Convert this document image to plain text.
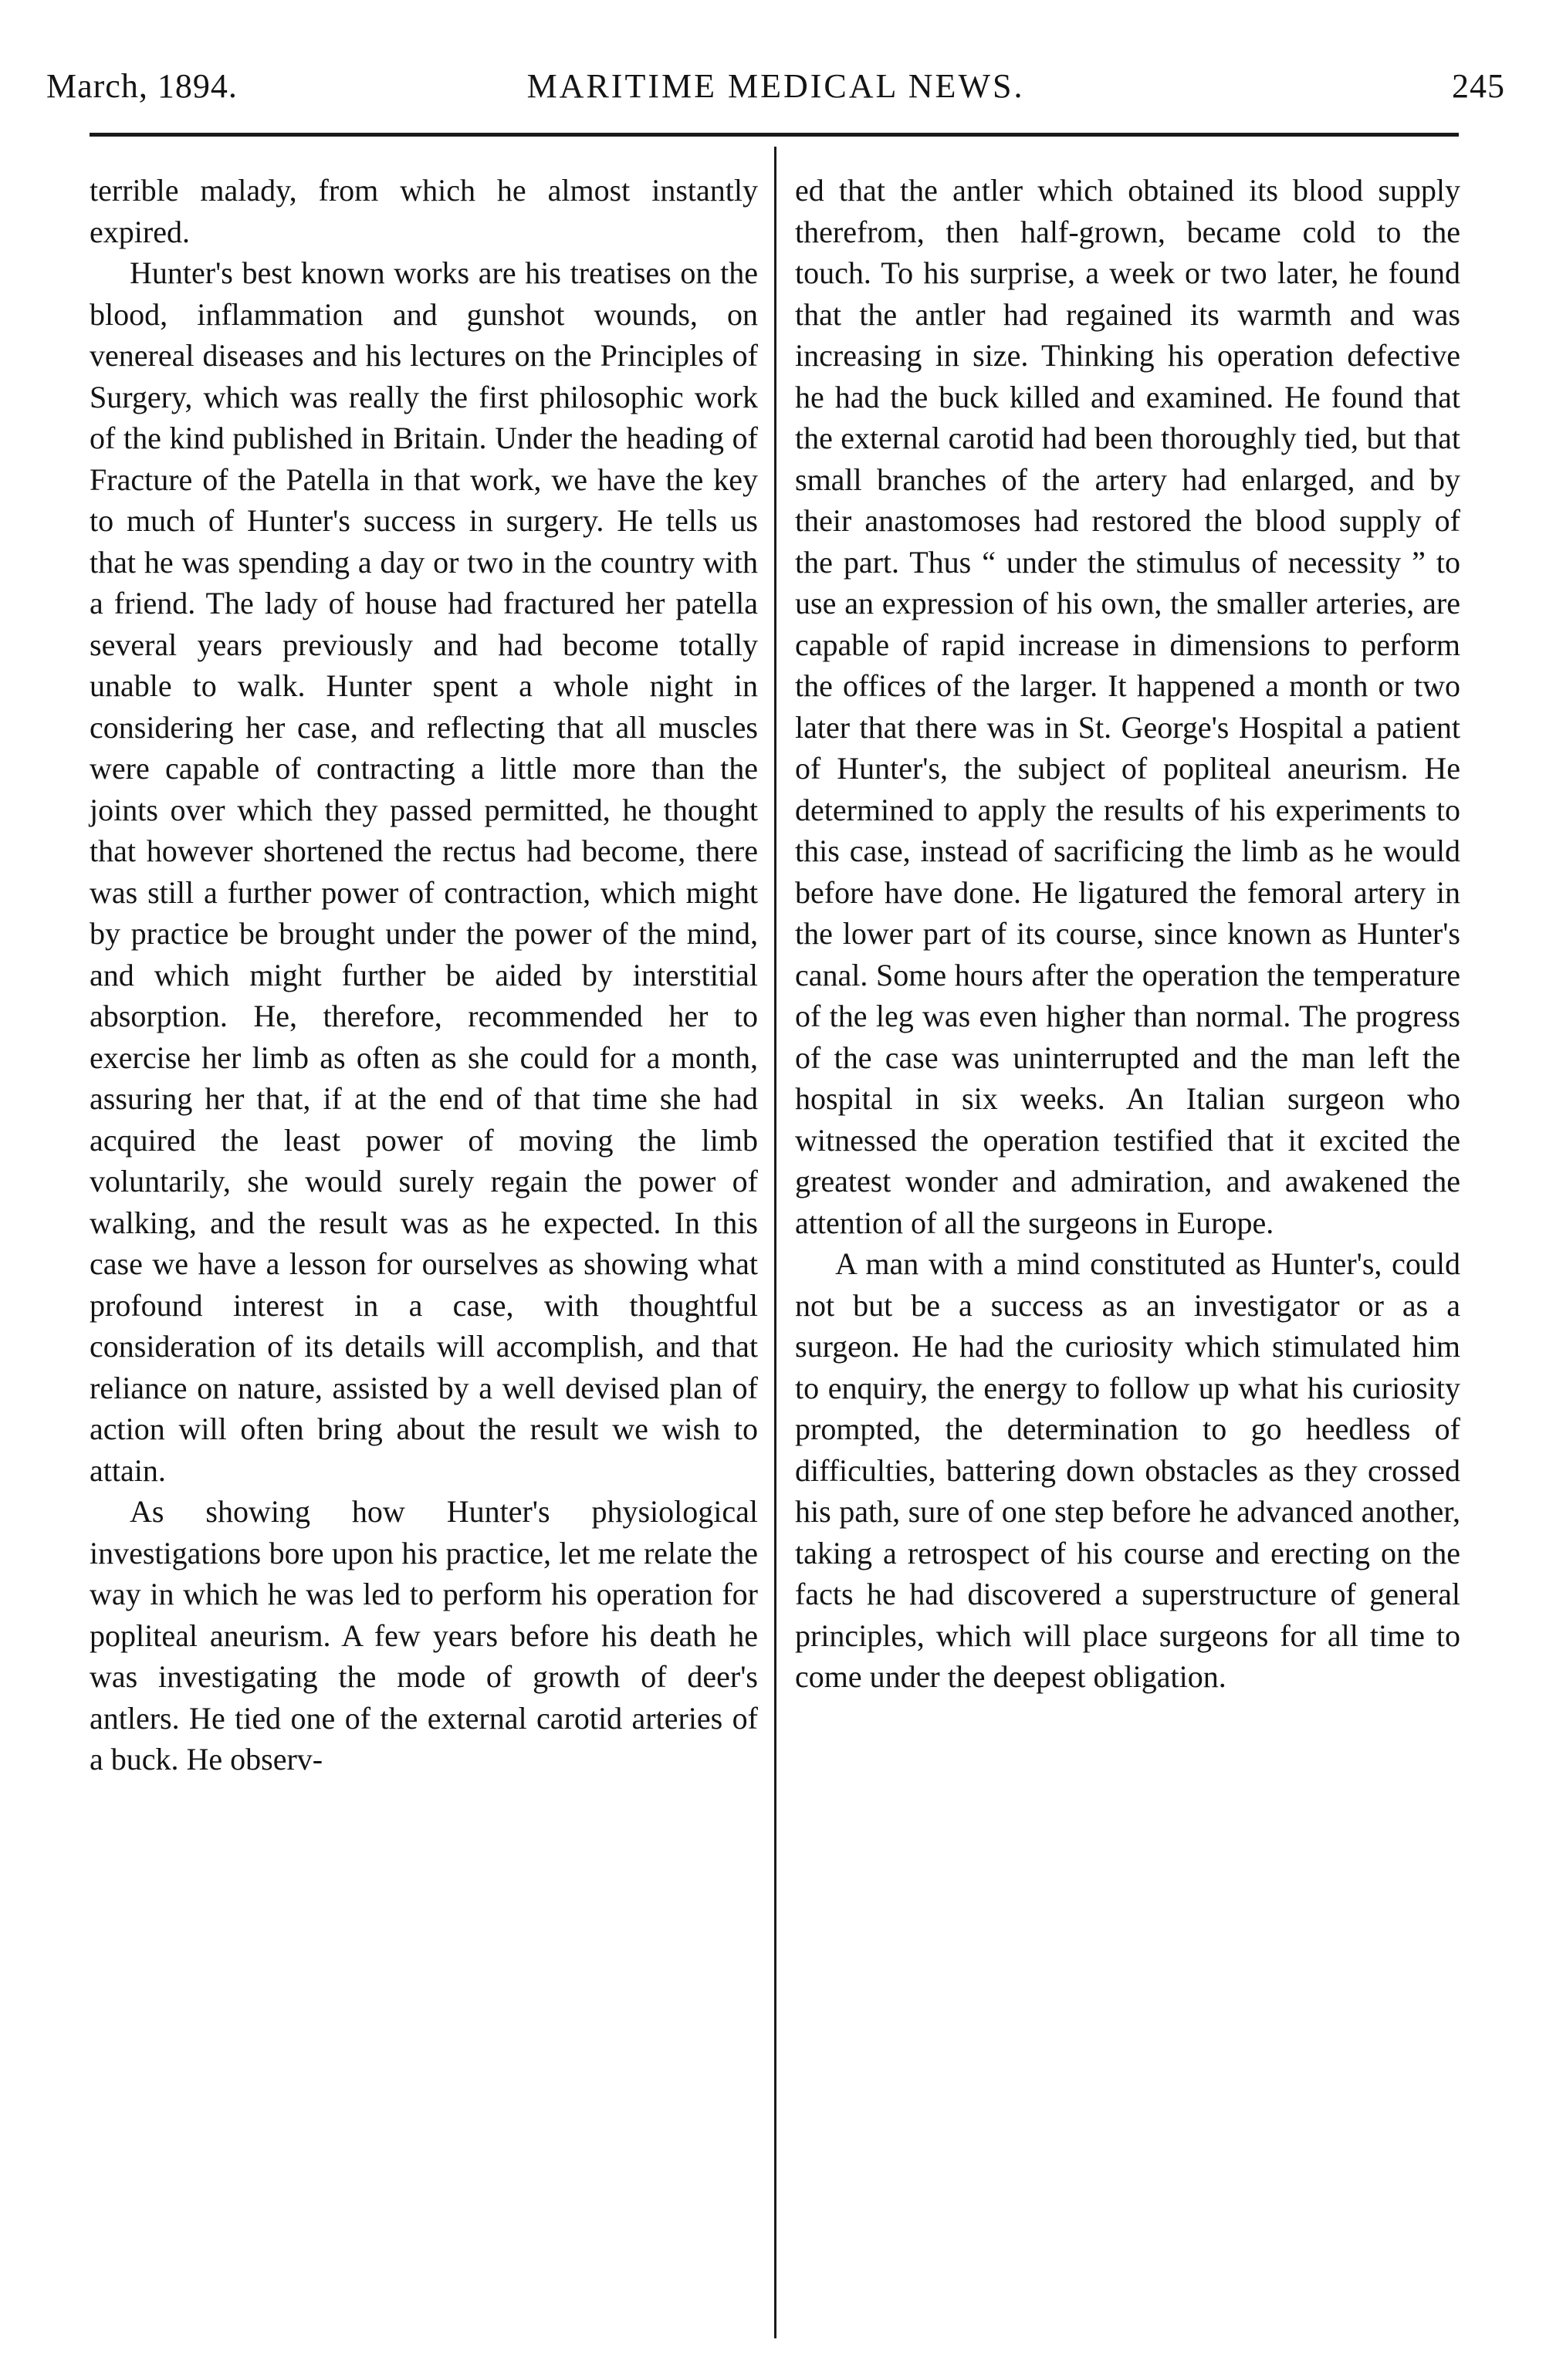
March, 1894.	MARITIME MEDICAL NEWS.	245

terrible malady, from which he almost instantly expired.

Hunter's best known works are his treatises on the blood, inflammation and gunshot wounds, on venereal diseases and his lectures on the Principles of Surgery, which was really the first philosophic work of the kind published in Britain. Under the heading of Fracture of the Patella in that work, we have the key to much of Hunter's success in surgery. He tells us that he was spending a day or two in the country with a friend. The lady of house had fractured her patella several years previously and had become totally unable to walk. Hunter spent a whole night in considering her case, and reflecting that all muscles were capable of contracting a little more than the joints over which they passed permitted, he thought that however shortened the rectus had become, there was still a further power of contraction, which might by practice be brought under the power of the mind, and which might further be aided by interstitial absorption. He, therefore, recommended her to exercise her limb as often as she could for a month, assuring her that, if at the end of that time she had acquired the least power of moving the limb voluntarily, she would surely regain the power of walking, and the result was as he expected. In this case we have a lesson for ourselves as showing what profound interest in a case, with thoughtful consideration of its details will accomplish, and that reliance on nature, assisted by a well devised plan of action will often bring about the result we wish to attain.

As showing how Hunter's physiological investigations bore upon his practice, let me relate the way in which he was led to perform his operation for popliteal aneurism. A few years before his death he was investigating the mode of growth of deer's antlers. He tied one of the external carotid arteries of a buck. He observ-

ed that the antler which obtained its blood supply therefrom, then half-grown, became cold to the touch. To his surprise, a week or two later, he found that the antler had regained its warmth and was increasing in size. Thinking his operation defective he had the buck killed and examined. He found that the external carotid had been thoroughly tied, but that small branches of the artery had enlarged, and by their anastomoses had restored the blood supply of the part. Thus “ under the stimulus of necessity ” to use an expression of his own, the smaller arteries, are capable of rapid increase in dimensions to perform the offices of the larger. It happened a month or two later that there was in St. George's Hospital a patient of Hunter's, the subject of popliteal aneurism. He determined to apply the results of his experiments to this case, instead of sacrificing the limb as he would before have done. He ligatured the femoral artery in the lower part of its course, since known as Hunter's canal. Some hours after the operation the temperature of the leg was even higher than normal. The progress of the case was uninterrupted and the man left the hospital in six weeks. An Italian surgeon who witnessed the operation testified that it excited the greatest wonder and admiration, and awakened the attention of all the surgeons in Europe.

A man with a mind constituted as Hunter's, could not but be a success as an investigator or as a surgeon. He had the curiosity which stimulated him to enquiry, the energy to follow up what his curiosity prompted, the determination to go heedless of difficulties, battering down obstacles as they crossed his path, sure of one step before he advanced another, taking a retrospect of his course and erecting on the facts he had discovered a superstructure of general principles, which will place surgeons for all time to come under the deepest obligation.
